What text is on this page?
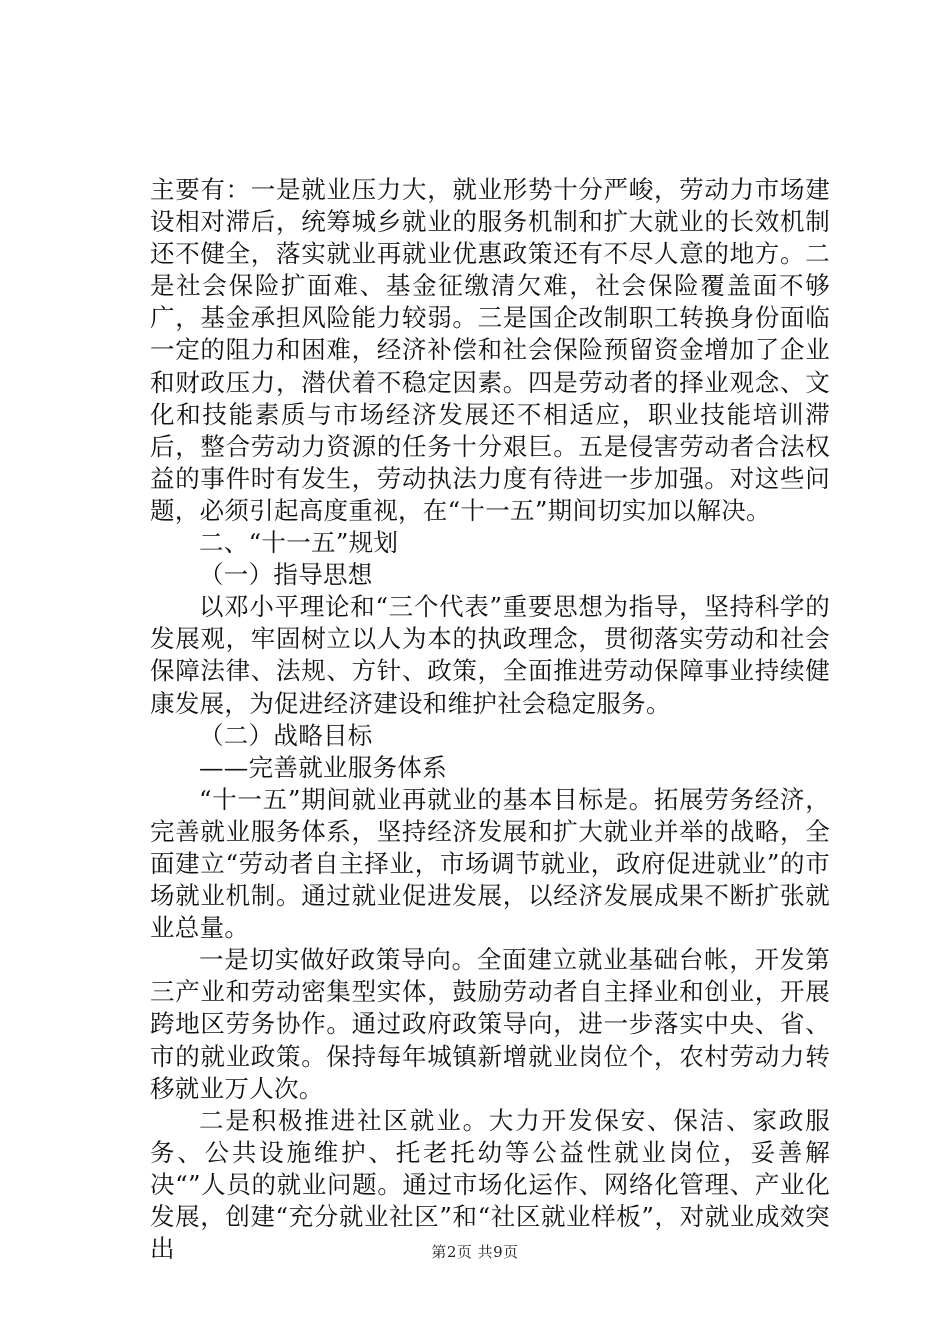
主要有：一是就业压力大，就业形势十分严峻，劳动力市场建设相对滞后，统筹城乡就业的服务机制和扩大就业的长效机制还不健全，落实就业再就业优惠政策还有不尽人意的地方。二是社会保险扩面难、基金征缴清欠难，社会保险覆盖面不够广，基金承担风险能力较弱。三是国企改制职工转换身份面临一定的阻力和困难，经济补偿和社会保险预留资金增加了企业和财政压力，潜伏着不稳定因素。四是劳动者的择业观念、文化和技能素质与市场经济发展还不相适应，职业技能培训滞后，整合劳动力资源的任务十分艰巨。五是侵害劳动者合法权益的事件时有发生，劳动执法力度有待进一步加强。对这些问题，必须引起高度重视，在“十一五”期间切实加以解决。

二、“十一五”规划

（一）指导思想

以邓小平理论和“三个代表”重要思想为指导，坚持科学的发展观，牢固树立以人为本的执政理念，贯彻落实劳动和社会保障法律、法规、方针、政策，全面推进劳动保障事业持续健康发展，为促进经济建设和维护社会稳定服务。

（二）战略目标

——完善就业服务体系

“十一五”期间就业再就业的基本目标是。拓展劳务经济，完善就业服务体系，坚持经济发展和扩大就业并举的战略，全面建立“劳动者自主择业，市场调节就业，政府促进就业”的市场就业机制。通过就业促进发展，以经济发展成果不断扩张就业总量。

一是切实做好政策导向。全面建立就业基础台帐，开发第三产业和劳动密集型实体，鼓励劳动者自主择业和创业，开展跨地区劳务协作。通过政府政策导向，进一步落实中央、省、市的就业政策。保持每年城镇新增就业岗位个，农村劳动力转移就业万人次。

二是积极推进社区就业。大力开发保安、保洁、家政服务、公共设施维护、托老托幼等公益性就业岗位，妥善解决“”人员的就业问题。通过市场化运作、网络化管理、产业化发展，创建“充分就业社区”和“社区就业样板”，对就业成效突出	第2页 共9页
